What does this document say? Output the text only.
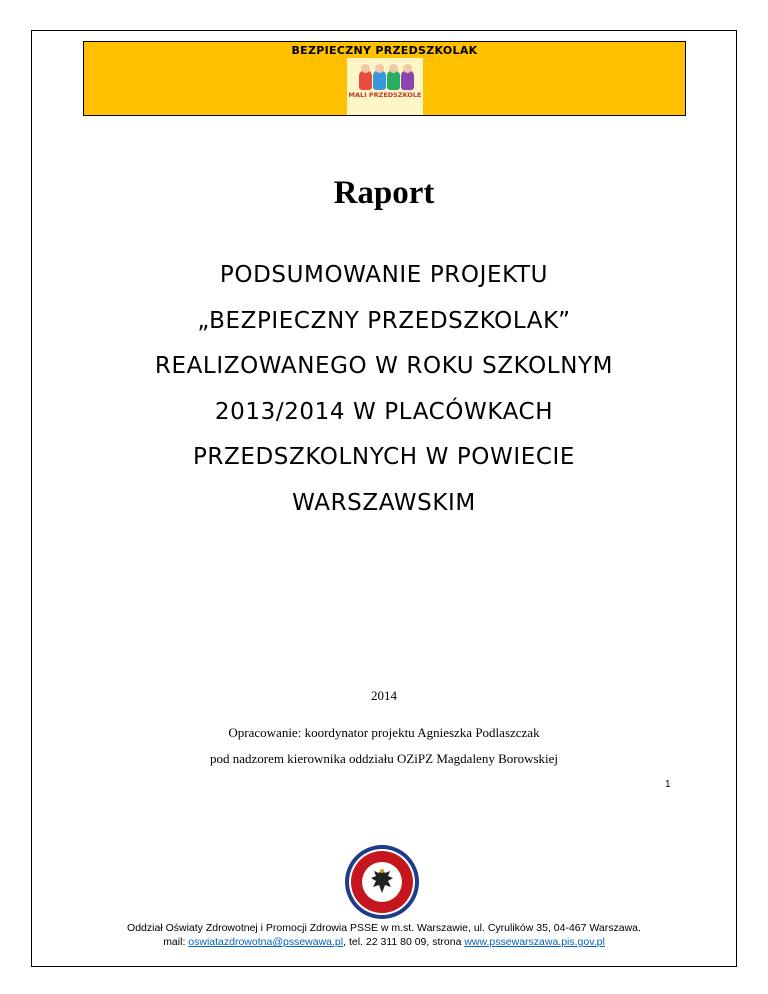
BEZPIECZNY PRZEDSZKOLAK
MALI PRZEDSZKOLE
Raport
PODSUMOWANIE PROJEKTU
„BEZPIECZNY PRZEDSZKOLAK”
REALIZOWANEGO W ROKU SZKOLNYM
2013/2014 W PLACÓWKACH
PRZEDSZKOLNYCH W POWIECIE
WARSZAWSKIM
2014
Opracowanie: koordynator projektu Agnieszka Podlaszczak
pod nadzorem kierownika oddziału OZiPZ Magdaleny Borowskiej
1
Oddział Oświaty Zdrowotnej i Promocji Zdrowia PSSE w m.st. Warszawie, ul. Cyrulików 35, 04-467 Warszawa.
mail: oswiatazdrowotna@pssewawa.pl, tel. 22 311 80 09, strona www.pssewarszawa.pis.gov.pl
